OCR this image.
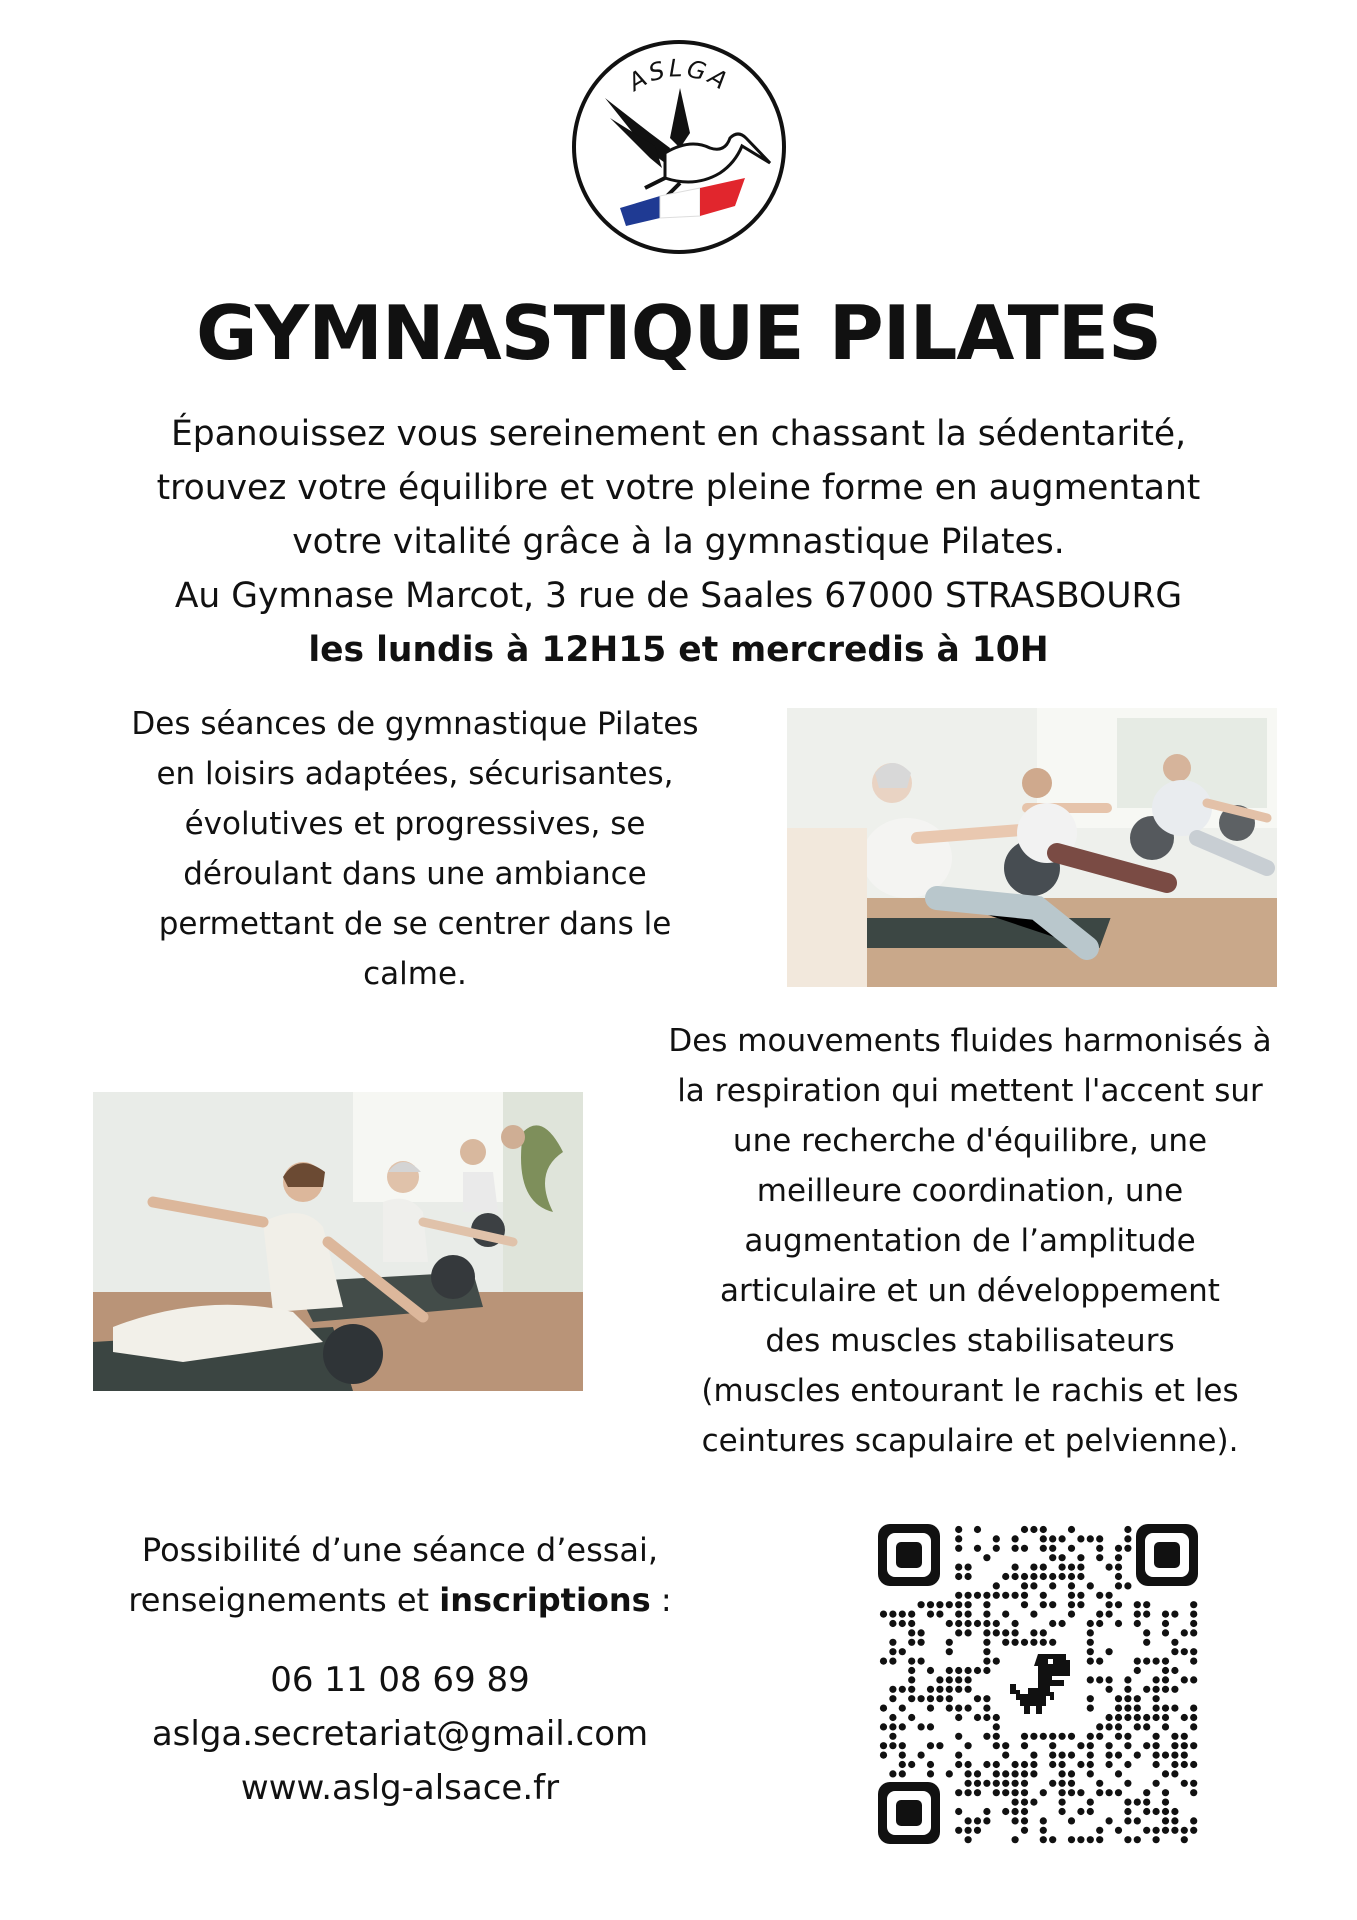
ASLGA
GYMNASTIQUE PILATES
Épanouissez vous sereinement en chassant la sédentarité,
trouvez votre équilibre et votre pleine forme en augmentant
votre vitalité grâce à la gymnastique Pilates.
Au Gymnase Marcot, 3 rue de Saales 67000 STRASBOURG
les lundis à 12H15 et mercredis à 10H
Des séances de gymnastique Pilates
en loisirs adaptées, sécurisantes,
évolutives et progressives, se
déroulant dans une ambiance
permettant de se centrer dans le
calme.
Des mouvements fluides harmonisés à
la respiration qui mettent l'accent sur
une recherche d'équilibre, une
meilleure coordination, une
augmentation de l’amplitude
articulaire et un développement
des muscles stabilisateurs
(muscles entourant le rachis et les
ceintures scapulaire et pelvienne).
Possibilité d’une séance d’essai,
renseignements et inscriptions :
06 11 08 69 89
aslga.secretariat@gmail.com
www.aslg-alsace.fr
